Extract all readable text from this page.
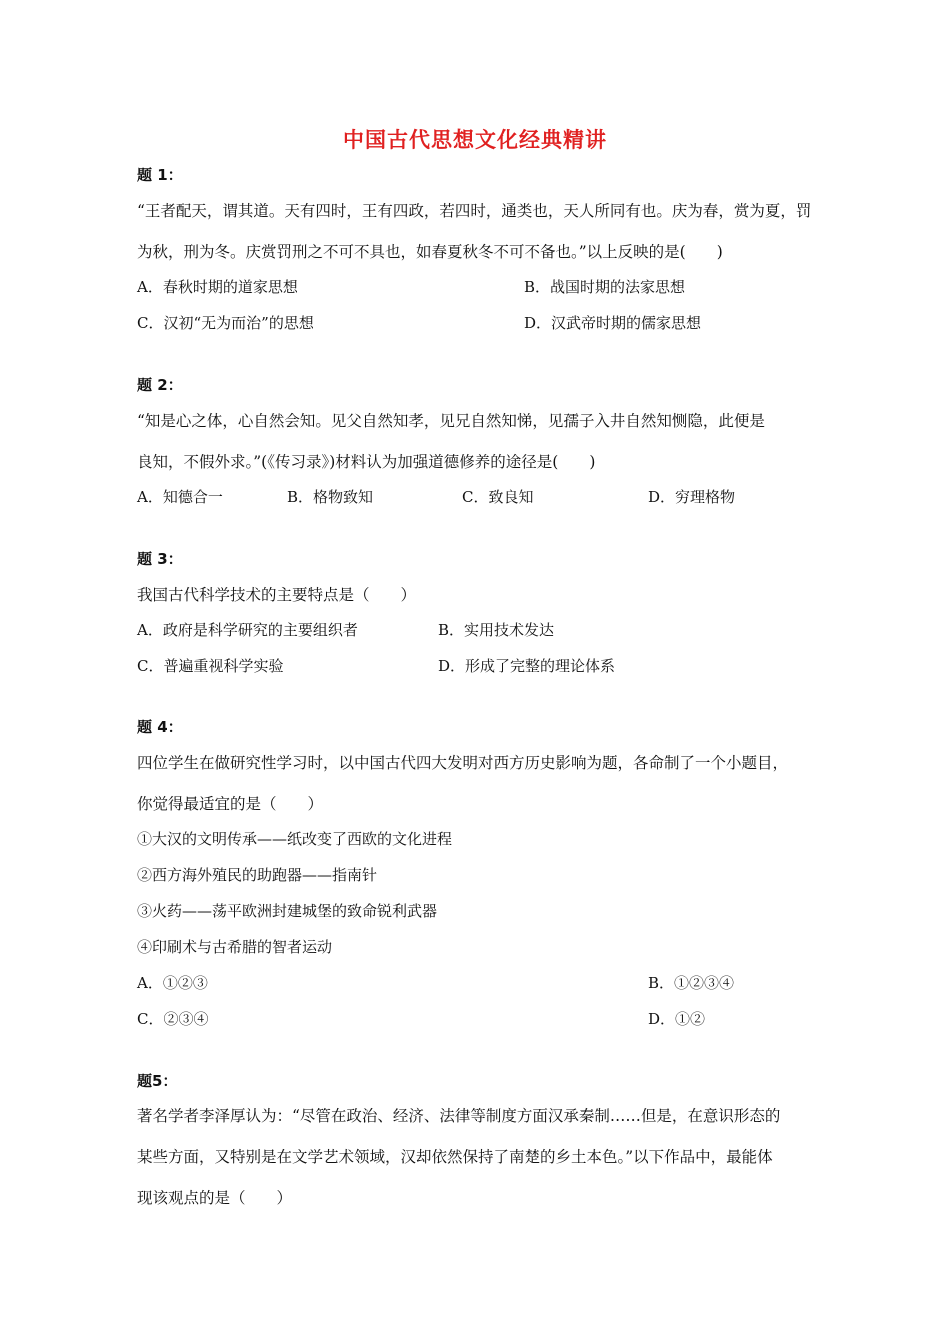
中国古代思想文化经典精讲
题 1：
“王者配天，谓其道。天有四时，王有四政，若四时，通类也，天人所同有也。庆为春，赏为夏，罚
为秋，刑为冬。庆赏罚刑之不可不具也，如春夏秋冬不可不备也。”以上反映的是(　　)
A．春秋时期的道家思想	B．战国时期的法家思想
C．汉初“无为而治”的思想	D．汉武帝时期的儒家思想
题 2：
“知是心之体，心自然会知。见父自然知孝，见兄自然知悌，见孺子入井自然知恻隐，此便是
良知，不假外求。”(《传习录》)材料认为加强道德修养的途径是(　　)
A．知德合一	B．格物致知	C．致良知	D．穷理格物
题 3：
我国古代科学技术的主要特点是（　　）
A．政府是科学研究的主要组织者	B．实用技术发达
C．普遍重视科学实验	D．形成了完整的理论体系
题 4：
四位学生在做研究性学习时，以中国古代四大发明对西方历史影响为题，各命制了一个小题目，
你觉得最适宜的是（　　）
①大汉的文明传承——纸改变了西欧的文化进程
②西方海外殖民的助跑器——指南针
③火药——荡平欧洲封建城堡的致命锐利武器
④印刷术与古希腊的智者运动
A．①②③	B．①②③④
C．②③④	D．①②
题5：
著名学者李泽厚认为：“尽管在政治、经济、法律等制度方面汉承秦制……但是，在意识形态的
某些方面，又特别是在文学艺术领域，汉却依然保持了南楚的乡土本色。”以下作品中，最能体
现该观点的是（　　）
